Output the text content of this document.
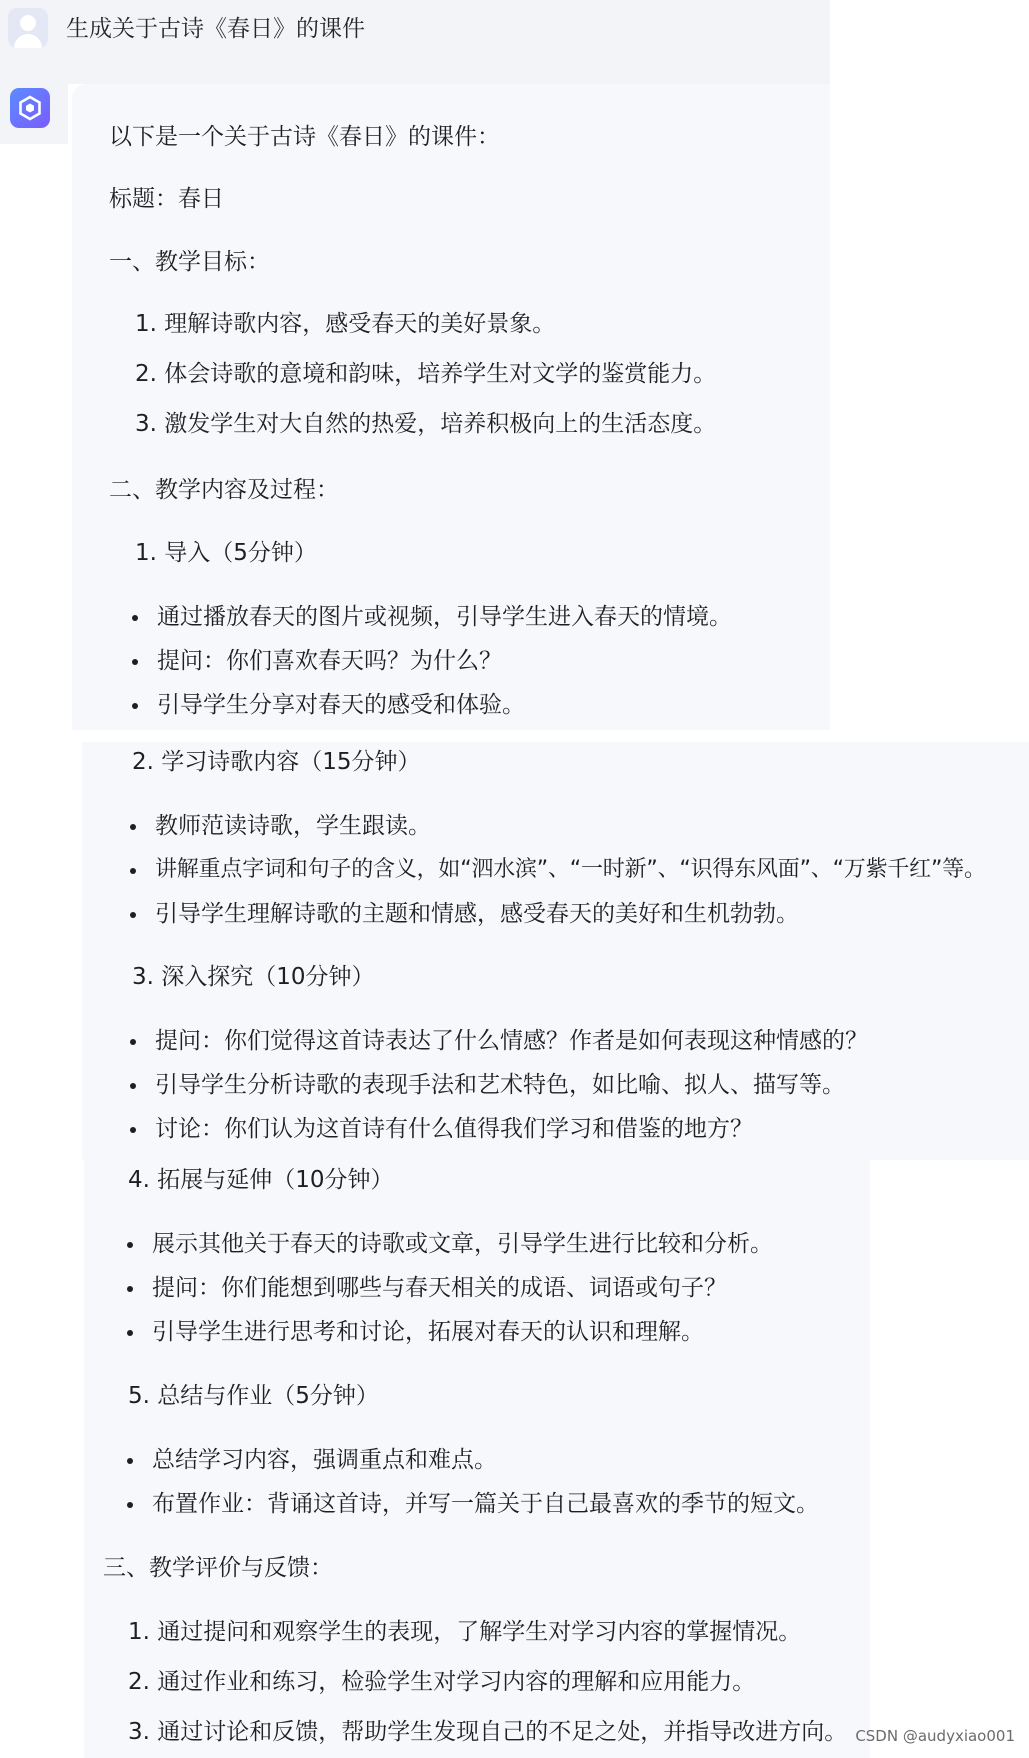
生成关于古诗《春日》的课件
以下是一个关于古诗《春日》的课件：
标题：春日
一、教学目标：
1. 理解诗歌内容，感受春天的美好景象。
2. 体会诗歌的意境和韵味，培养学生对文学的鉴赏能力。
3. 激发学生对大自然的热爱，培养积极向上的生活态度。
二、教学内容及过程：
1. 导入（5分钟）
通过播放春天的图片或视频，引导学生进入春天的情境。
提问：你们喜欢春天吗？为什么？
引导学生分享对春天的感受和体验。
2. 学习诗歌内容（15分钟）
教师范读诗歌，学生跟读。
讲解重点字词和句子的含义，如“泗水滨”、“一时新”、“识得东风面”、“万紫千红”等。
引导学生理解诗歌的主题和情感，感受春天的美好和生机勃勃。
3. 深入探究（10分钟）
提问：你们觉得这首诗表达了什么情感？作者是如何表现这种情感的？
引导学生分析诗歌的表现手法和艺术特色，如比喻、拟人、描写等。
讨论：你们认为这首诗有什么值得我们学习和借鉴的地方？
4. 拓展与延伸（10分钟）
展示其他关于春天的诗歌或文章，引导学生进行比较和分析。
提问：你们能想到哪些与春天相关的成语、词语或句子？
引导学生进行思考和讨论，拓展对春天的认识和理解。
5. 总结与作业（5分钟）
总结学习内容，强调重点和难点。
布置作业：背诵这首诗，并写一篇关于自己最喜欢的季节的短文。
三、教学评价与反馈：
1. 通过提问和观察学生的表现，了解学生对学习内容的掌握情况。
2. 通过作业和练习，检验学生对学习内容的理解和应用能力。
3. 通过讨论和反馈，帮助学生发现自己的不足之处，并指导改进方向。 CSDN @audyxiao001
